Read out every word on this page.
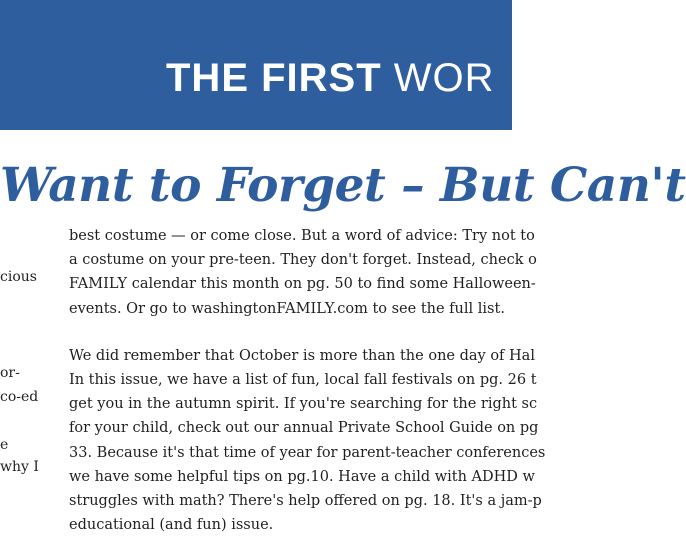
THE FIRST WOR
Want to Forget – But Can't
cious
or-
co-ed
e
why I
best costume — or come close. But a word of advice: Try not to
a costume on your pre-teen. They don't forget. Instead, check o
FAMILY calendar this month on pg. 50 to find some Halloween-
events. Or go to washingtonFAMILY.com to see the full list.
We did remember that October is more than the one day of Hal
In this issue, we have a list of fun, local fall festivals on pg. 26 t
get you in the autumn spirit. If you're searching for the right sc
for your child, check out our annual Private School Guide on pg
33. Because it's that time of year for parent-teacher conferences
we have some helpful tips on pg.10. Have a child with ADHD w
struggles with math? There's help offered on pg. 18. It's a jam-p
educational (and fun) issue.
